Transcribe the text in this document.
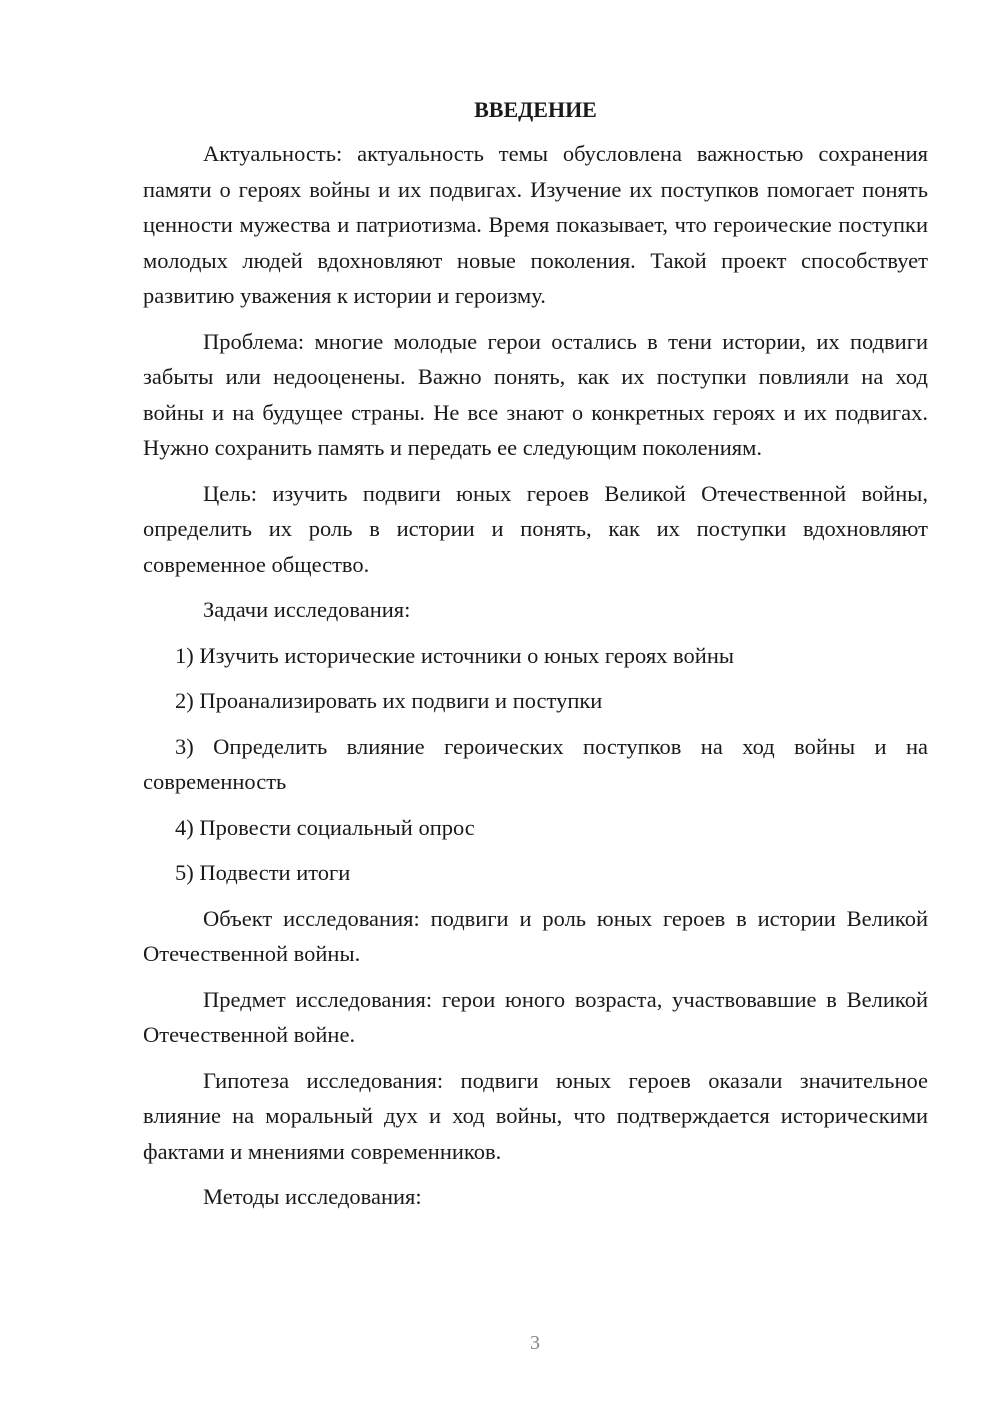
ВВЕДЕНИЕ

Актуальность: актуальность темы обусловлена важностью сохранения памяти о героях войны и их подвигах. Изучение их поступков помогает понять ценности мужества и патриотизма. Время показывает, что героические поступки молодых людей вдохновляют новые поколения. Такой проект способствует развитию уважения к истории и героизму.

Проблема: многие молодые герои остались в тени истории, их подвиги забыты или недооценены. Важно понять, как их поступки повлияли на ход войны и на будущее страны. Не все знают о конкретных героях и их подвигах. Нужно сохранить память и передать ее следующим поколениям.

Цель: изучить подвиги юных героев Великой Отечественной войны, определить их роль в истории и понять, как их поступки вдохновляют современное общество.

Задачи исследования:

1) Изучить исторические источники о юных героях войны

2) Проанализировать их подвиги и поступки

3) Определить влияние героических поступков на ход войны и на современность

4) Провести социальный опрос

5) Подвести итоги

Объект исследования: подвиги и роль юных героев в истории Великой Отечественной войны.

Предмет исследования: герои юного возраста, участвовавшие в Великой Отечественной войне.

Гипотеза исследования: подвиги юных героев оказали значительное влияние на моральный дух и ход войны, что подтверждается историческими фактами и мнениями современников.

Методы исследования:

3
